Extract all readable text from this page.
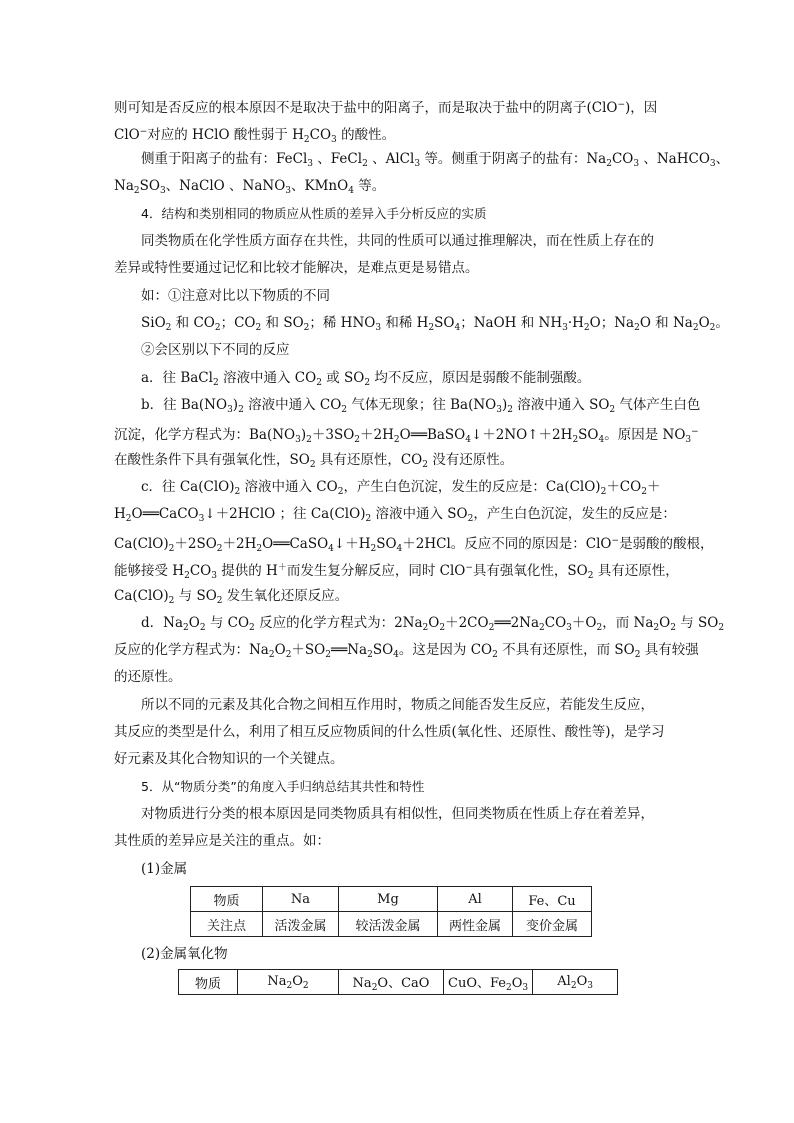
则可知是否反应的根本原因不是取决于盐中的阳离子，而是取决于盐中的阴离子(ClO−)，因
ClO−对应的 HClO 酸性弱于 $H_2CO_3$ 的酸性。
侧重于阳离子的盐有：FeCl$_3$ 、FeCl$_2$ 、AlCl$_3$ 等。侧重于阴离子的盐有：$Na_2CO_3$ 、NaHCO$_3$、
$Na_2SO_3$、NaClO 、NaNO$_3$、KMnO$_4$ 等。
4．结构和类别相同的物质应从性质的差异入手分析反应的实质
同类物质在化学性质方面存在共性，共同的性质可以通过推理解决，而在性质上存在的
差异或特性要通过记忆和比较才能解决，是难点更是易错点。
如：①注意对比以下物质的不同
SiO$_2$ 和 $CO_2$；$CO_2$ 和 $SO_2$；稀 $HNO_3$ 和稀 $H_2SO_4$；NaOH 和 $NH_3\cdot H_2O$；$Na_2O$ 和 $Na_2O_2$。
②会区别以下不同的反应
a．往 BaCl$_2$ 溶液中通入 $CO_2$ 或 $SO_2$ 均不反应，原因是弱酸不能制强酸。
b．往 $Ba(NO_3)_2$ 溶液中通入 $CO_2$ 气体无现象；往 $Ba(NO_3)_2$ 溶液中通入 $SO_2$ 气体产生白色
沉淀，化学方程式为：$Ba(NO_3)_2+3SO_2+2H_2O══BaSO_4↓+2NO↑+2H_2SO_4$。原因是 $NO_3^-$
在酸性条件下具有强氧化性，$SO_2$ 具有还原性，$CO_2$ 没有还原性。
c．往 $Ca(ClO)_2$ 溶液中通入 $CO_2$，产生白色沉淀，发生的反应是：$Ca(ClO)_2+CO_2+$
$H_2O══CaCO_3↓+2HClO$ ；往 $Ca(ClO)_2$ 溶液中通入 $SO_2$，产生白色沉淀，发生的反应是：
$Ca(ClO)_2+2SO_2+2H_2O══CaSO_4↓+H_2SO_4+2HCl$。反应不同的原因是：ClO−是弱酸的酸根，
能够接受 $H_2CO_3$ 提供的 H＋而发生复分解反应，同时 ClO−具有强氧化性，$SO_2$ 具有还原性，
$Ca(ClO)_2$ 与 $SO_2$ 发生氧化还原反应。
d．$Na_2O_2$ 与 $CO_2$ 反应的化学方程式为：$2Na_2O_2+2CO_2══2Na_2CO_3+O_2$，而 $Na_2O_2$ 与 $SO_2$
反应的化学方程式为：$Na_2O_2+SO_2══Na_2SO_4$。这是因为 $CO_2$ 不具有还原性，而 $SO_2$ 具有较强
的还原性。
所以不同的元素及其化合物之间相互作用时，物质之间能否发生反应，若能发生反应，
其反应的类型是什么，利用了相互反应物质间的什么性质(氧化性、还原性、酸性等)，是学习
好元素及其化合物知识的一个关键点。
5．从“物质分类”的角度入手归纳总结其共性和特性
对物质进行分类的根本原因是同类物质具有相似性，但同类物质在性质上存在着差异，
其性质的差异应是关注的重点。如：
(1)金属
(2)金属氧化物
物质	Na	Mg	Al	Fe、Cu
关注点	活泼金属	较活泼金属	两性金属	变价金属
物质	$Na_2O_2$	$Na_2O$、CaO	CuO、$Fe_2O_3$	$Al_2O_3$
